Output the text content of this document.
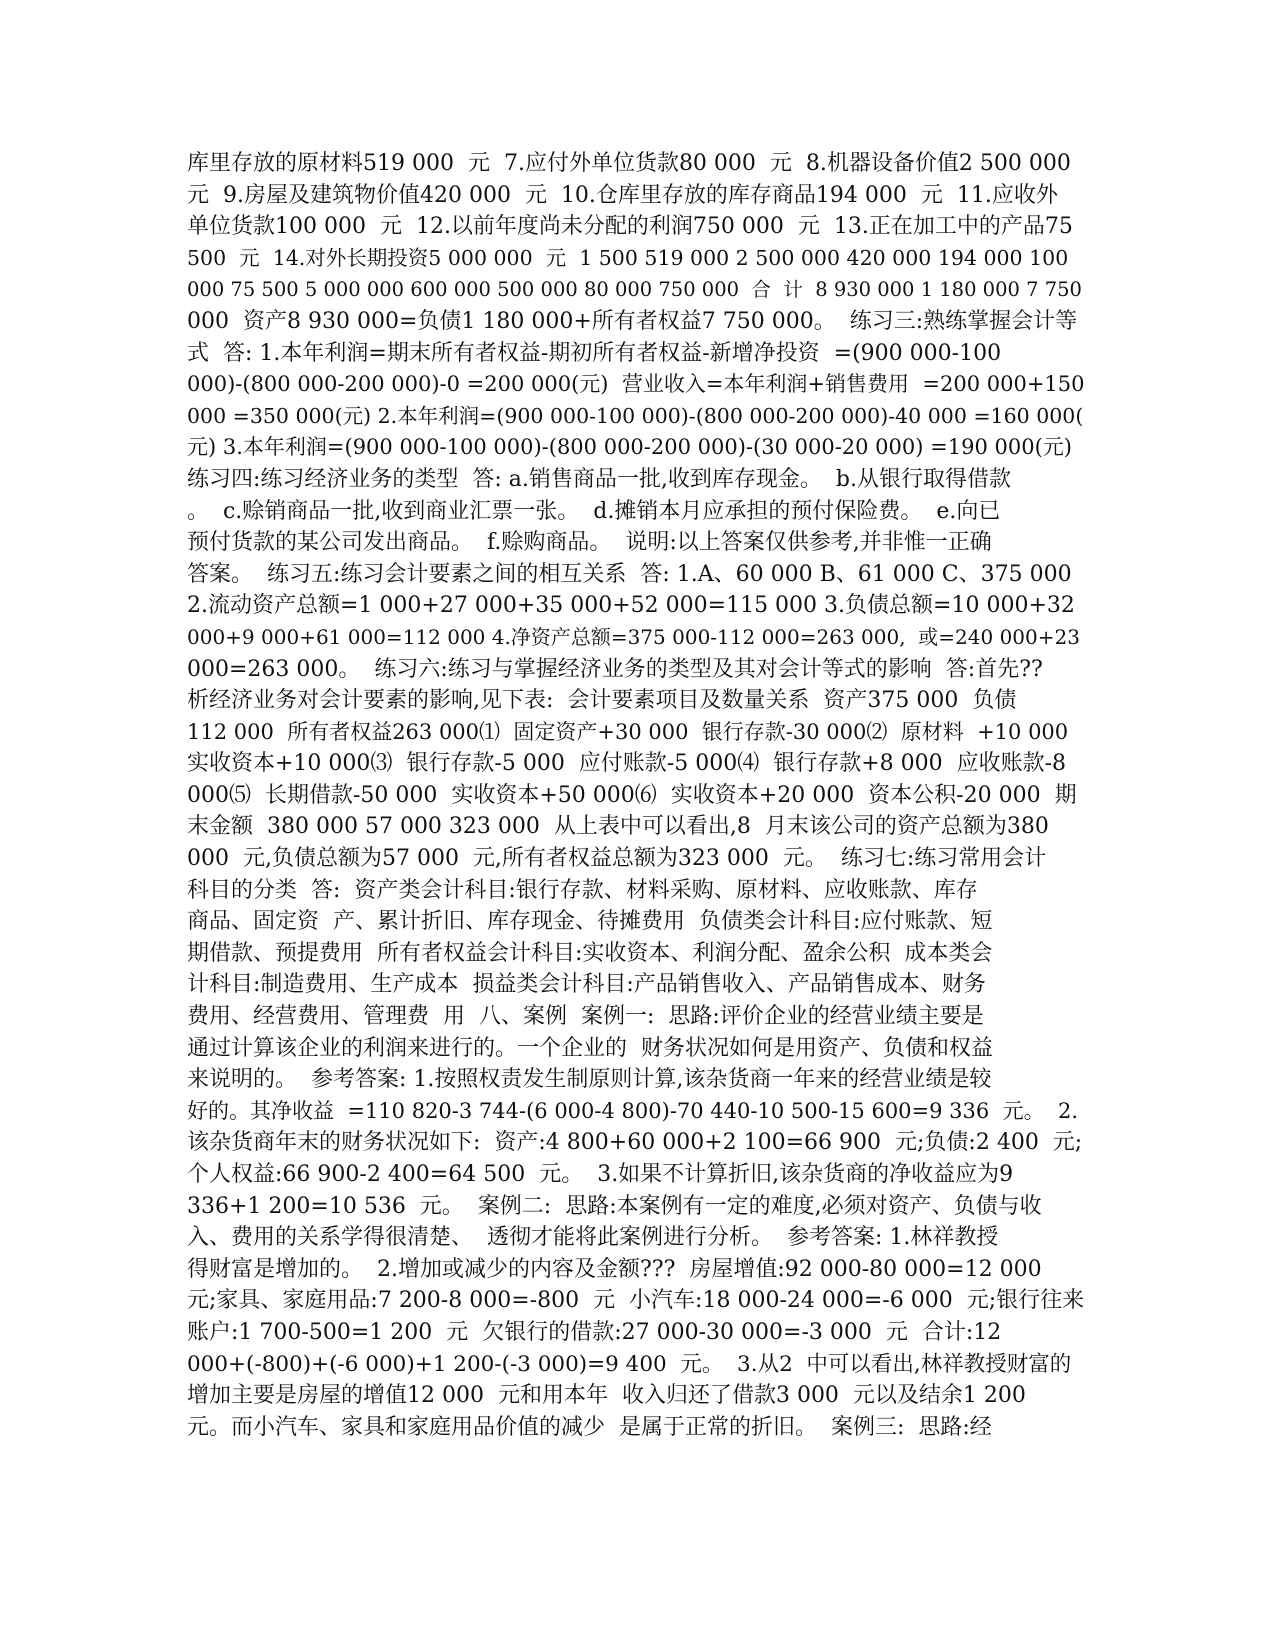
库里存放的原材料519 000  元  7.应付外单位货款80 000  元  8.机器设备价值2 500 000
元  9.房屋及建筑物价值420 000  元  10.仓库里存放的库存商品194 000  元  11.应收外
单位货款100 000  元  12.以前年度尚未分配的利润750 000  元  13.正在加工中的产品75
500  元  14.对外长期投资5 000 000  元  1 500 519 000 2 500 000 420 000 194 000 100
000 75 500 5 000 000 600 000 500 000 80 000 750 000  合  计  8 930 000 1 180 000 7 750
000  资产8 930 000=负债1 180 000+所有者权益7 750 000。  练习三:熟练掌握会计等
式  答: 1.本年利润=期末所有者权益-期初所有者权益-新增净投资  =(900 000-100
000)-(800 000-200 000)-0 =200 000(元)  营业收入=本年利润+销售费用  =200 000+150
000 =350 000(元) 2.本年利润=(900 000-100 000)-(800 000-200 000)-40 000 =160 000(
元) 3.本年利润=(900 000-100 000)-(800 000-200 000)-(30 000-20 000) =190 000(元)
练习四:练习经济业务的类型  答: a.销售商品一批,收到库存现金。  b.从银行取得借款
。  c.赊销商品一批,收到商业汇票一张。  d.摊销本月应承担的预付保险费。  e.向已
预付货款的某公司发出商品。  f.赊购商品。  说明:以上答案仅供参考,并非惟一正确
答案。  练习五:练习会计要素之间的相互关系  答: 1.A、60 000 B、61 000 C、375 000
2.流动资产总额=1 000+27 000+35 000+52 000=115 000 3.负债总额=10 000+32
000+9 000+61 000=112 000 4.净资产总额=375 000-112 000=263 000,  或=240 000+23
000=263 000。  练习六:练习与掌握经济业务的类型及其对会计等式的影响  答:首先??
析经济业务对会计要素的影响,见下表:  会计要素项目及数量关系  资产375 000  负债
112 000  所有者权益263 000⑴  固定资产+30 000  银行存款-30 000⑵  原材料  +10 000
实收资本+10 000⑶  银行存款-5 000  应付账款-5 000⑷  银行存款+8 000  应收账款-8
000⑸  长期借款-50 000  实收资本+50 000⑹  实收资本+20 000  资本公积-20 000  期
末金额  380 000 57 000 323 000  从上表中可以看出,8  月末该公司的资产总额为380
000  元,负债总额为57 000  元,所有者权益总额为323 000  元。  练习七:练习常用会计
科目的分类  答:  资产类会计科目:银行存款、材料采购、原材料、应收账款、库存
商品、固定资  产、累计折旧、库存现金、待摊费用  负债类会计科目:应付账款、短
期借款、预提费用  所有者权益会计科目:实收资本、利润分配、盈余公积  成本类会
计科目:制造费用、生产成本  损益类会计科目:产品销售收入、产品销售成本、财务
费用、经营费用、管理费  用  八、案例  案例一:  思路:评价企业的经营业绩主要是
通过计算该企业的利润来进行的。一个企业的  财务状况如何是用资产、负债和权益
来说明的。  参考答案: 1.按照权责发生制原则计算,该杂货商一年来的经营业绩是较
好的。其净收益  =110 820-3 744-(6 000-4 800)-70 440-10 500-15 600=9 336  元。  2.
该杂货商年末的财务状况如下:  资产:4 800+60 000+2 100=66 900  元;负债:2 400  元;
个人权益:66 900-2 400=64 500  元。  3.如果不计算折旧,该杂货商的净收益应为9
336+1 200=10 536  元。  案例二:  思路:本案例有一定的难度,必须对资产、负债与收
入、费用的关系学得很清楚、  透彻才能将此案例进行分析。  参考答案: 1.林祥教授
得财富是增加的。  2.增加或减少的内容及金额???  房屋增值:92 000-80 000=12 000
元;家具、家庭用品:7 200-8 000=-800  元  小汽车:18 000-24 000=-6 000  元;银行往来
账户:1 700-500=1 200  元  欠银行的借款:27 000-30 000=-3 000  元  合计:12
000+(-800)+(-6 000)+1 200-(-3 000)=9 400  元。  3.从2  中可以看出,林祥教授财富的
增加主要是房屋的增值12 000  元和用本年  收入归还了借款3 000  元以及结余1 200
元。而小汽车、家具和家庭用品价值的减少  是属于正常的折旧。  案例三:  思路:经
